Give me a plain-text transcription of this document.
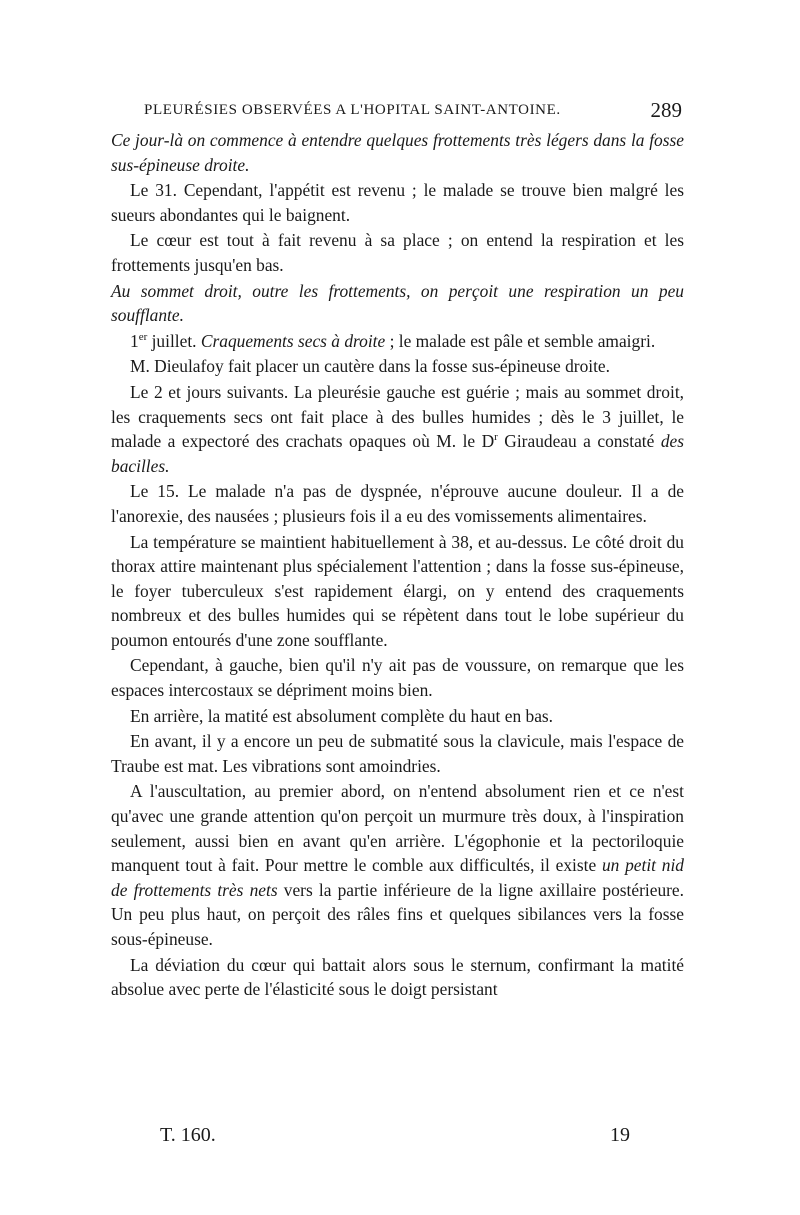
PLEURÉSIES OBSERVÉES A L'HOPITAL SAINT-ANTOINE.	289

Ce jour-là on commence à entendre quelques frottements très légers dans la fosse sus-épineuse droite.

Le 31. Cependant, l'appétit est revenu ; le malade se trouve bien malgré les sueurs abondantes qui le baignent.

Le cœur est tout à fait revenu à sa place ; on entend la respiration et les frottements jusqu'en bas.

Au sommet droit, outre les frottements, on perçoit une respiration un peu soufflante.

1er juillet. Craquements secs à droite ; le malade est pâle et semble amaigri.

M. Dieulafoy fait placer un cautère dans la fosse sus-épineuse droite.

Le 2 et jours suivants. La pleurésie gauche est guérie ; mais au sommet droit, les craquements secs ont fait place à des bulles humides ; dès le 3 juillet, le malade a expectoré des crachats opaques où M. le $D^r$ Giraudeau a constaté des bacilles.

Le 15. Le malade n'a pas de dyspnée, n'éprouve aucune douleur. Il a de l'anorexie, des nausées ; plusieurs fois il a eu des vomissements alimentaires.

La température se maintient habituellement à 38, et au-dessus. Le côté droit du thorax attire maintenant plus spécialement l'attention ; dans la fosse sus-épineuse, le foyer tuberculeux s'est rapidement élargi, on y entend des craquements nombreux et des bulles humides qui se répètent dans tout le lobe supérieur du poumon entourés d'une zone soufflante.

Cependant, à gauche, bien qu'il n'y ait pas de voussure, on remarque que les espaces intercostaux se dépriment moins bien.

En arrière, la matité est absolument complète du haut en bas.

En avant, il y a encore un peu de submatité sous la clavicule, mais l'espace de Traube est mat. Les vibrations sont amoindries.

A l'auscultation, au premier abord, on n'entend absolument rien et ce n'est qu'avec une grande attention qu'on perçoit un murmure très doux, à l'inspiration seulement, aussi bien en avant qu'en arrière. L'égophonie et la pectoriloquie manquent tout à fait. Pour mettre le comble aux difficultés, il existe un petit nid de frottements très nets vers la partie inférieure de la ligne axillaire postérieure. Un peu plus haut, on perçoit des râles fins et quelques sibilances vers la fosse sous-épineuse.

La déviation du cœur qui battait alors sous le sternum, confirmant la matité absolue avec perte de l'élasticité sous le doigt persistant

T. 160.	19
